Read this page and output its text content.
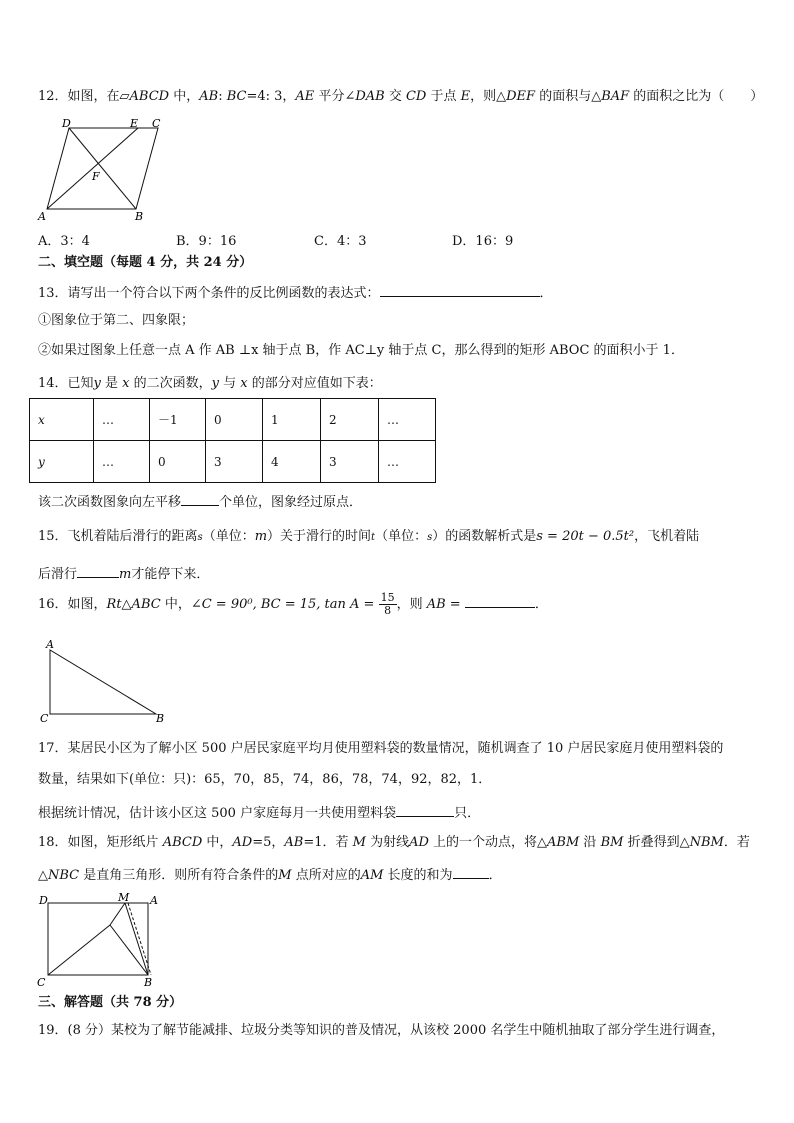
12．如图，在▱ABCD 中，AB: BC=4: 3，AE 平分∠DAB 交 CD 于点 E，则△DEF 的面积与△BAF 的面积之比为（　　）
D	E C
F
A	B
A．3：4	B．9：16	C．4：3	D．16：9
二、填空题（每题 4 分，共 24 分）
13．请写出一个符合以下两个条件的反比例函数的表达式：	．
①图象位于第二、四象限；
②如果过图象上任意一点 A 作 AB ⊥x 轴于点 B，作 AC⊥y 轴于点 C，那么得到的矩形 ABOC 的面积小于 1．
14．已知y 是 x 的二次函数，y 与 x 的部分对应值如下表：
x	…	－1	0	1	2	…
y	…	0	3	4	3	…
该二次函数图象向左平移	个单位，图象经过原点．
15．飞机着陆后滑行的距离s（单位：m）关于滑行的时间t（单位：s）的函数解析式是s = 20t − 0.5t²，飞机着陆
后滑行	m才能停下来．
16．如图，Rt△ABC 中，∠C = 90⁰, BC = 15, $\tan A = \frac{15}{8}$ ，则 AB =	．
A
C	B
17．某居民小区为了解小区 500 户居民家庭平均月使用塑料袋的数量情况，随机调查了 10 户居民家庭月使用塑料袋的
数量，结果如下(单位：只)：65，70，85，74，86，78，74，92，82，1．
根据统计情况，估计该小区这 500 户家庭每月一共使用塑料袋	只．
18．如图，矩形纸片 ABCD 中，AD=5，AB=1．若 M 为射线AD 上的一个动点，将△ABM 沿 BM 折叠得到△NBM．若
△NBC 是直角三角形．则所有符合条件的M 点所对应的AM 长度的和为	．
D	M A
C	B
三、解答题（共 78 分）
19．(8 分）某校为了解节能减排、垃圾分类等知识的普及情况，从该校 2000 名学生中随机抽取了部分学生进行调查，
